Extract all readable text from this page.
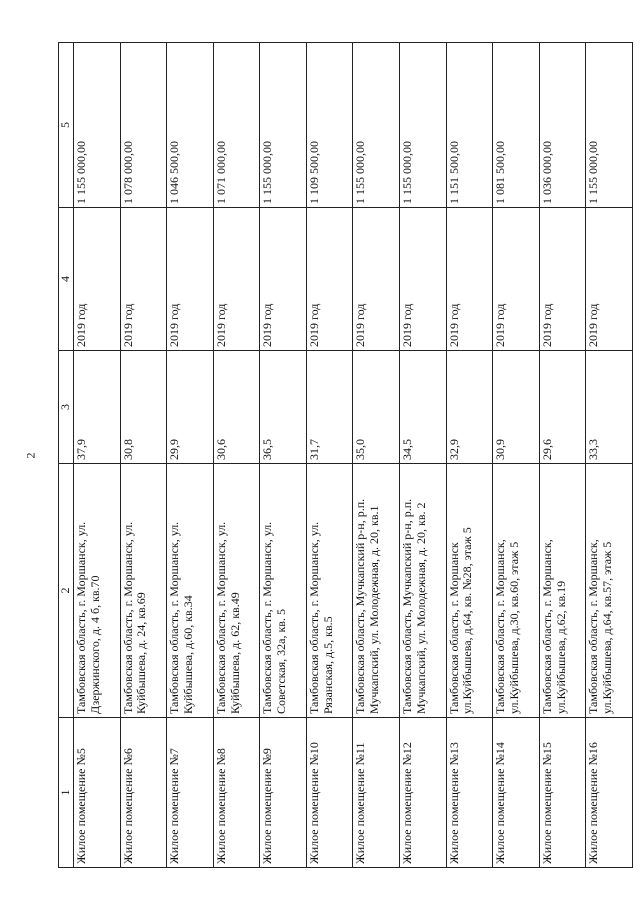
2
1	2	3	4	5
Жилое помещение №5	Тамбовская область, г. Моршанск, ул. Дзержинского, д. 4 б, кв.70	37,9	2019 год	1 155 000,00
Жилое помещение №6	Тамбовская область, г. Моршанск, ул. Куйбышева, д. 24, кв.69	30,8	2019 год	1 078 000,00
Жилое помещение №7	Тамбовская область, г. Моршанск, ул. Куйбышева, д.60, кв.34	29,9	2019 год	1 046 500,00
Жилое помещение №8	Тамбовская область, г. Моршанск, ул. Куйбышева, д. 62, кв.49	30,6	2019 год	1 071 000,00
Жилое помещение №9	Тамбовская область, г. Моршанск, ул. Советская, 32а, кв. 5	36,5	2019 год	1 155 000,00
Жилое помещение №10	Тамбовская область, г. Моршанск, ул. Рязанская, д.5, кв.5	31,7	2019 год	1 109 500,00
Жилое помещение №11	Тамбовская область, Мучкапский р-н, р.п. Мучкапский, ул. Молодежная, д. 20, кв.1	35,0	2019 год	1 155 000,00
Жилое помещение №12	Тамбовская область, Мучкапский р-н, р.п. Мучкапский, ул. Молодежная, д. 20, кв. 2	34,5	2019 год	1 155 000,00
Жилое помещение №13	Тамбовская область, г. Моршанск ул.Куйбышева, д.64, кв. №28, этаж 5	32,9	2019 год	1 151 500,00
Жилое помещение №14	Тамбовская область, г. Моршанск, ул.Куйбышева, д.30, кв.60, этаж 5	30,9	2019 год	1 081 500,00
Жилое помещение №15	Тамбовская область, г. Моршанск, ул.Куйбышева, д.62, кв.19	29,6	2019 год	1 036 000,00
Жилое помещение №16	Тамбовская область, г. Моршанск, ул.Куйбышева, д.64, кв.57, этаж 5	33,3	2019 год	1 155 000,00
